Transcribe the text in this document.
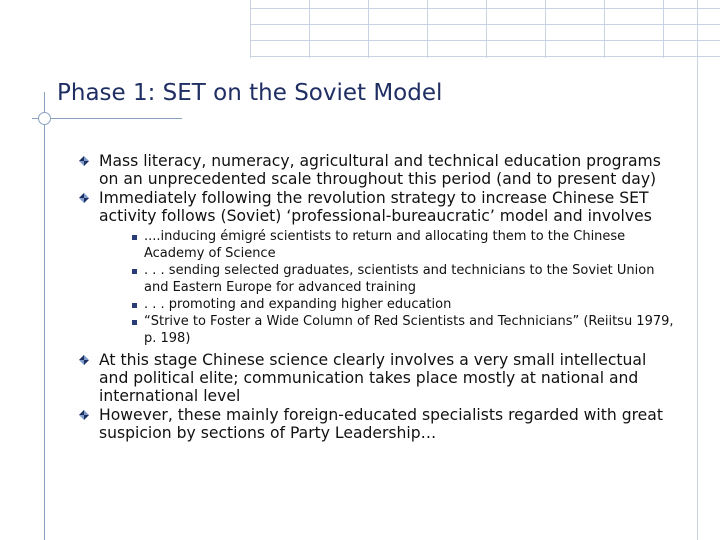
Phase 1: SET on the Soviet Model
Mass literacy, numeracy, agricultural and technical education programs on an unprecedented scale throughout this period (and to present day)
Immediately following the revolution strategy to increase Chinese SET activity follows (Soviet) ‘professional-bureaucratic’ model and involves
....inducing émigré scientists to return and allocating them to the Chinese Academy of Science
. . . sending selected graduates, scientists and technicians to the Soviet Union and Eastern Europe for advanced training
. . . promoting and expanding higher education
“Strive to Foster a Wide Column of Red Scientists and Technicians” (Reiitsu 1979, p. 198)
At this stage Chinese science clearly involves a very small intellectual and political elite; communication takes place mostly at national and international level
However, these mainly foreign-educated specialists regarded with great suspicion by sections of Party Leadership…
